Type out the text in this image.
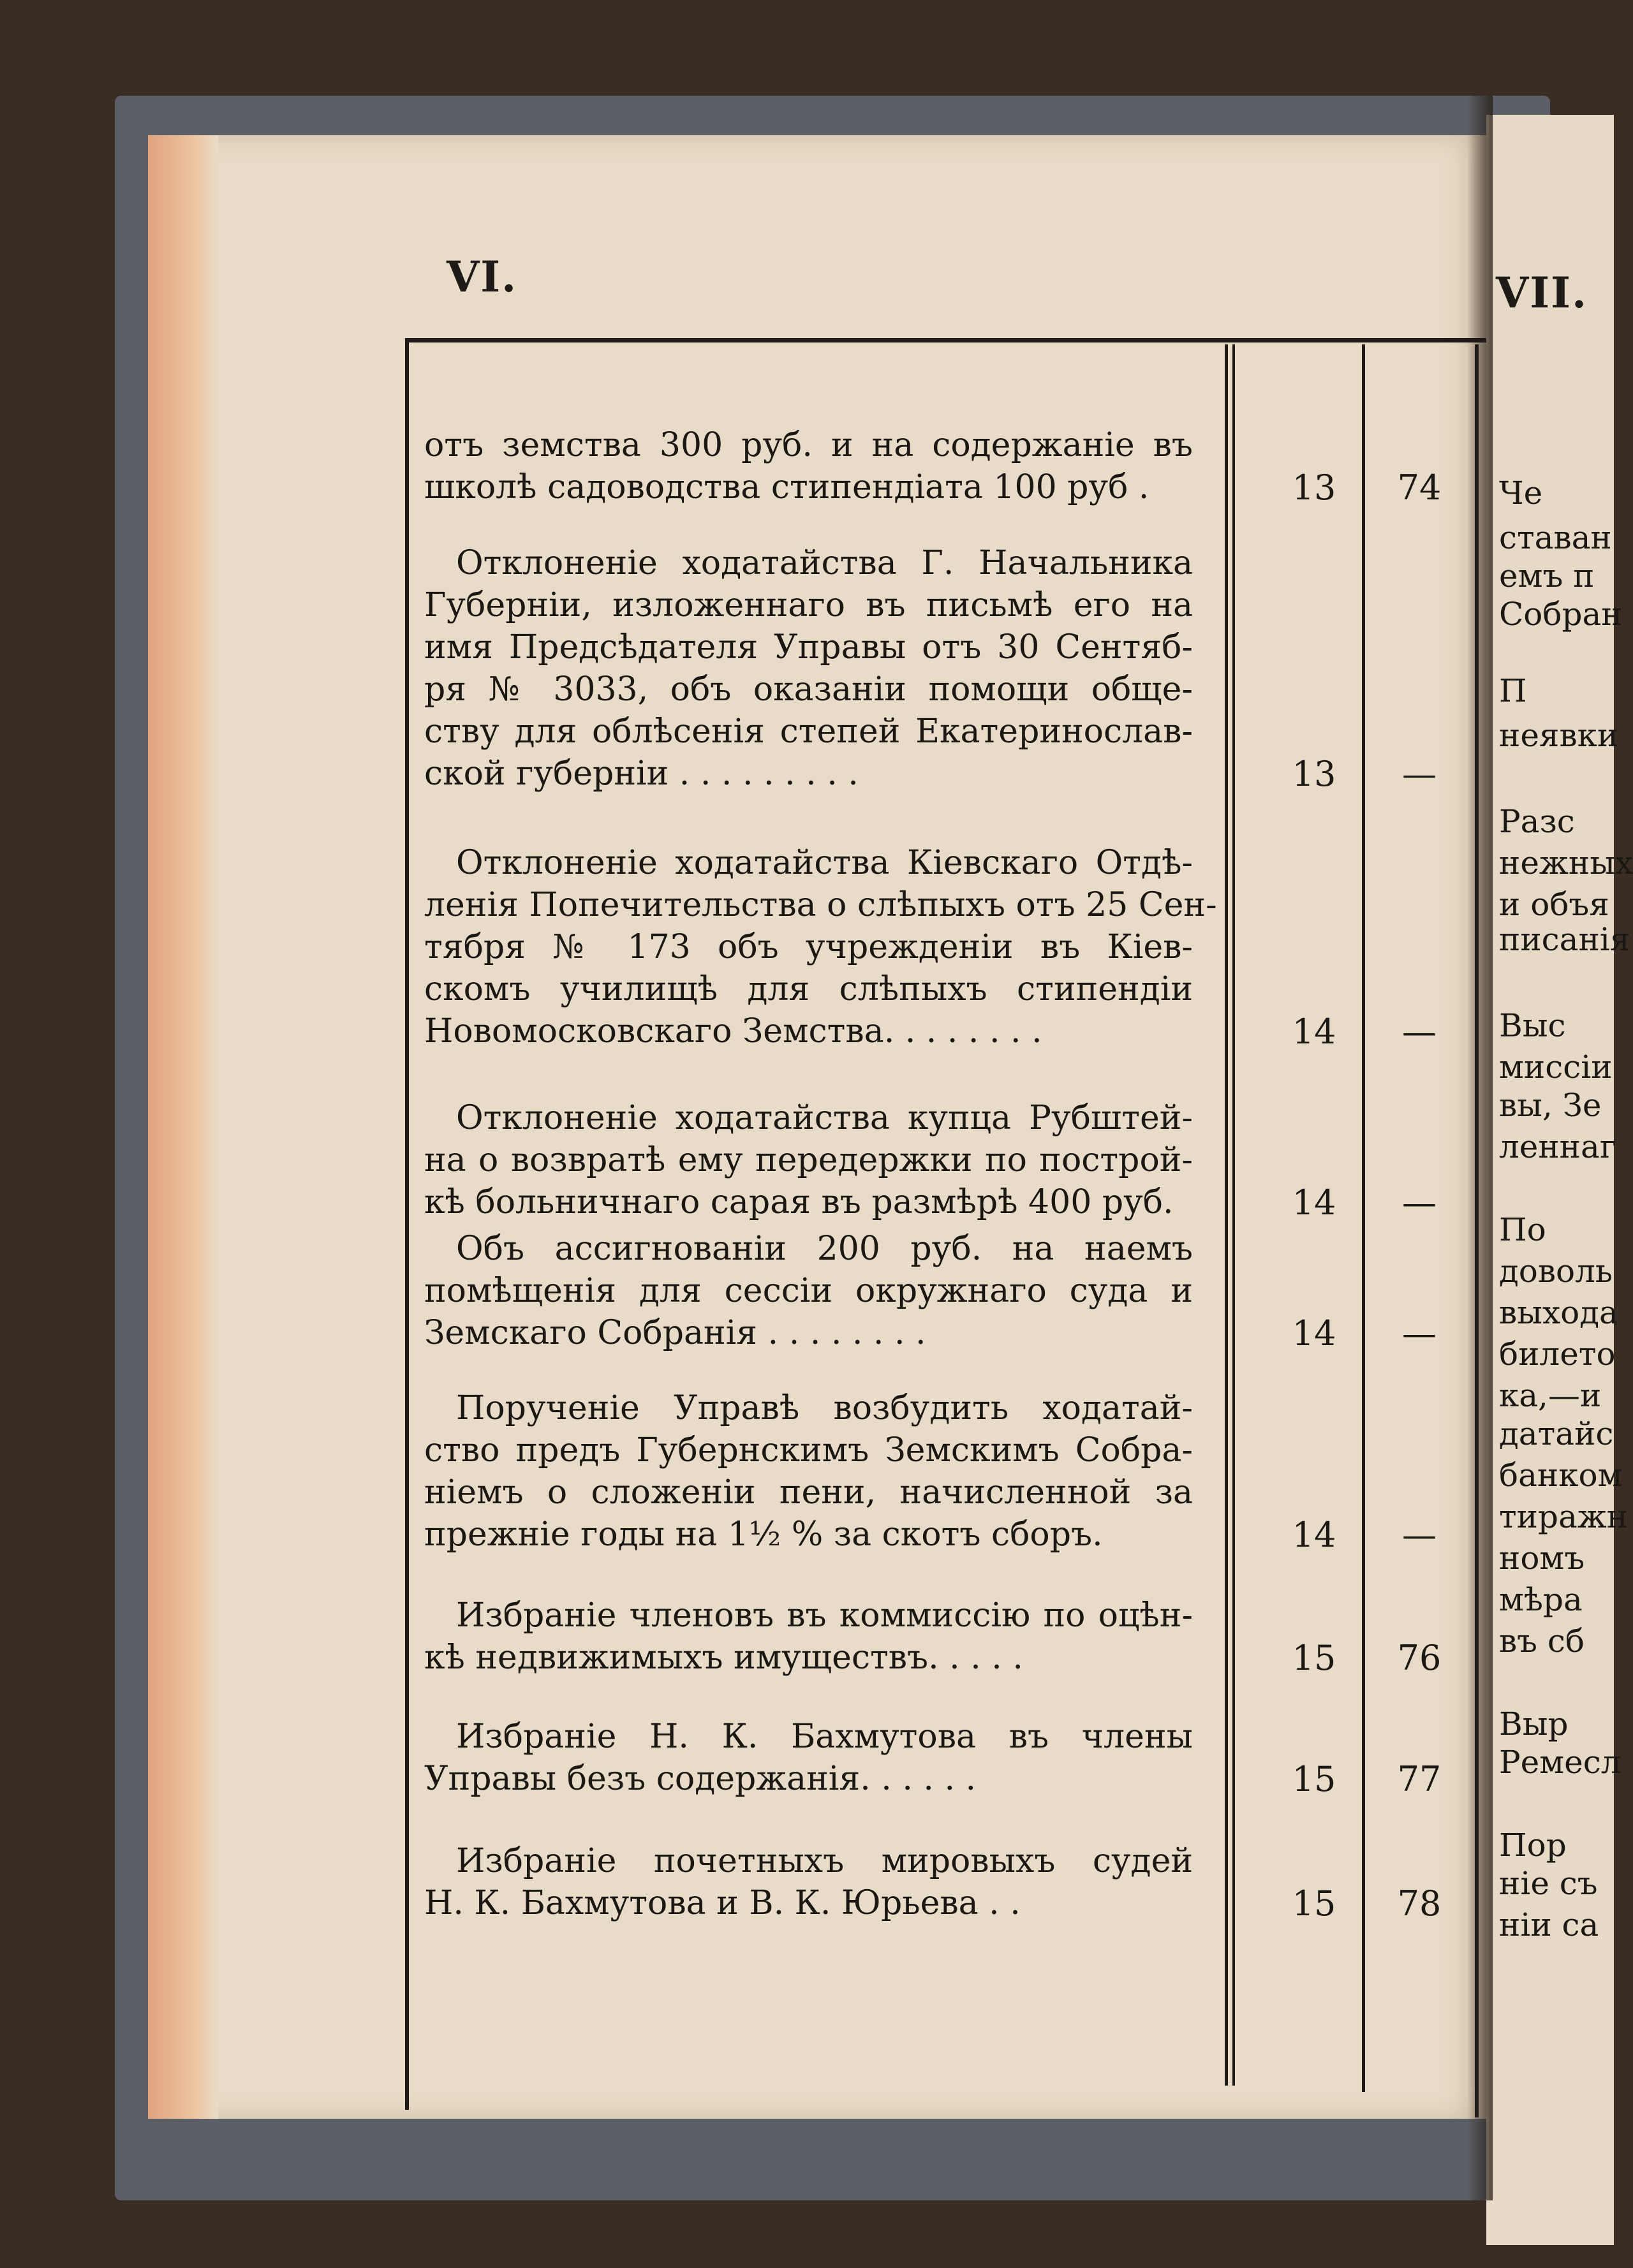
Че
ставан
емъ п
Собран
П
неявки
Разс
нежных
и объя
писанія
Выс
миссіи
вы, Зе
леннаг
По
доволь
выхода
билето
ка,—и
датайс
банком
тиражн
номъ
мѣра
въ сб
Выр
Ремесл
Пор
ніе съ
ніи са
VI.	VII.
отъ земства 300 руб. и на содержаніе въ
школѣ садоводства стипендіата 100 руб .	13	74
Отклоненіе ходатайства Г. Начальника
Губерніи, изложеннаго въ письмѣ его на
имя Предсѣдателя Управы отъ 30 Сентяб-
ря № 3033, объ оказаніи помощи обще-
ству для облѣсенія степей Екатеринослав-
ской губерніи . . . . . . . . .	13	—
Отклоненіе ходатайства Кіевскаго Отдѣ-
ленія Попечительства о слѣпыхъ отъ 25 Сен-
тября № 173 объ учрежденіи въ Кіев-
скомъ училищѣ для слѣпыхъ стипендіи
Новомосковскаго Земства. . . . . . . .	14	—
Отклоненіе ходатайства купца Рубштей-
на о возвратѣ ему передержки по построй-
кѣ больничнаго сарая въ размѣрѣ 400 руб.	14	—
Объ ассигнованіи 200 руб. на наемъ
помѣщенія для сессіи окружнаго суда и
Земскаго Собранія . . . . . . . .	14	—
Порученіе Управѣ возбудить ходатай-
ство предъ Губернскимъ Земскимъ Собра-
ніемъ о сложеніи пени, начисленной за
прежніе годы на 1½ % за скотъ сборъ.	14	—
Избраніе членовъ въ коммиссію по оцѣн-
кѣ недвижимыхъ имуществъ. . . . .	15	76
Избраніе Н. К. Бахмутова въ члены
Управы безъ содержанія. . . . . .	15	77
Избраніе почетныхъ мировыхъ судей
Н. К. Бахмутова и В. К. Юрьева . .	15	78
